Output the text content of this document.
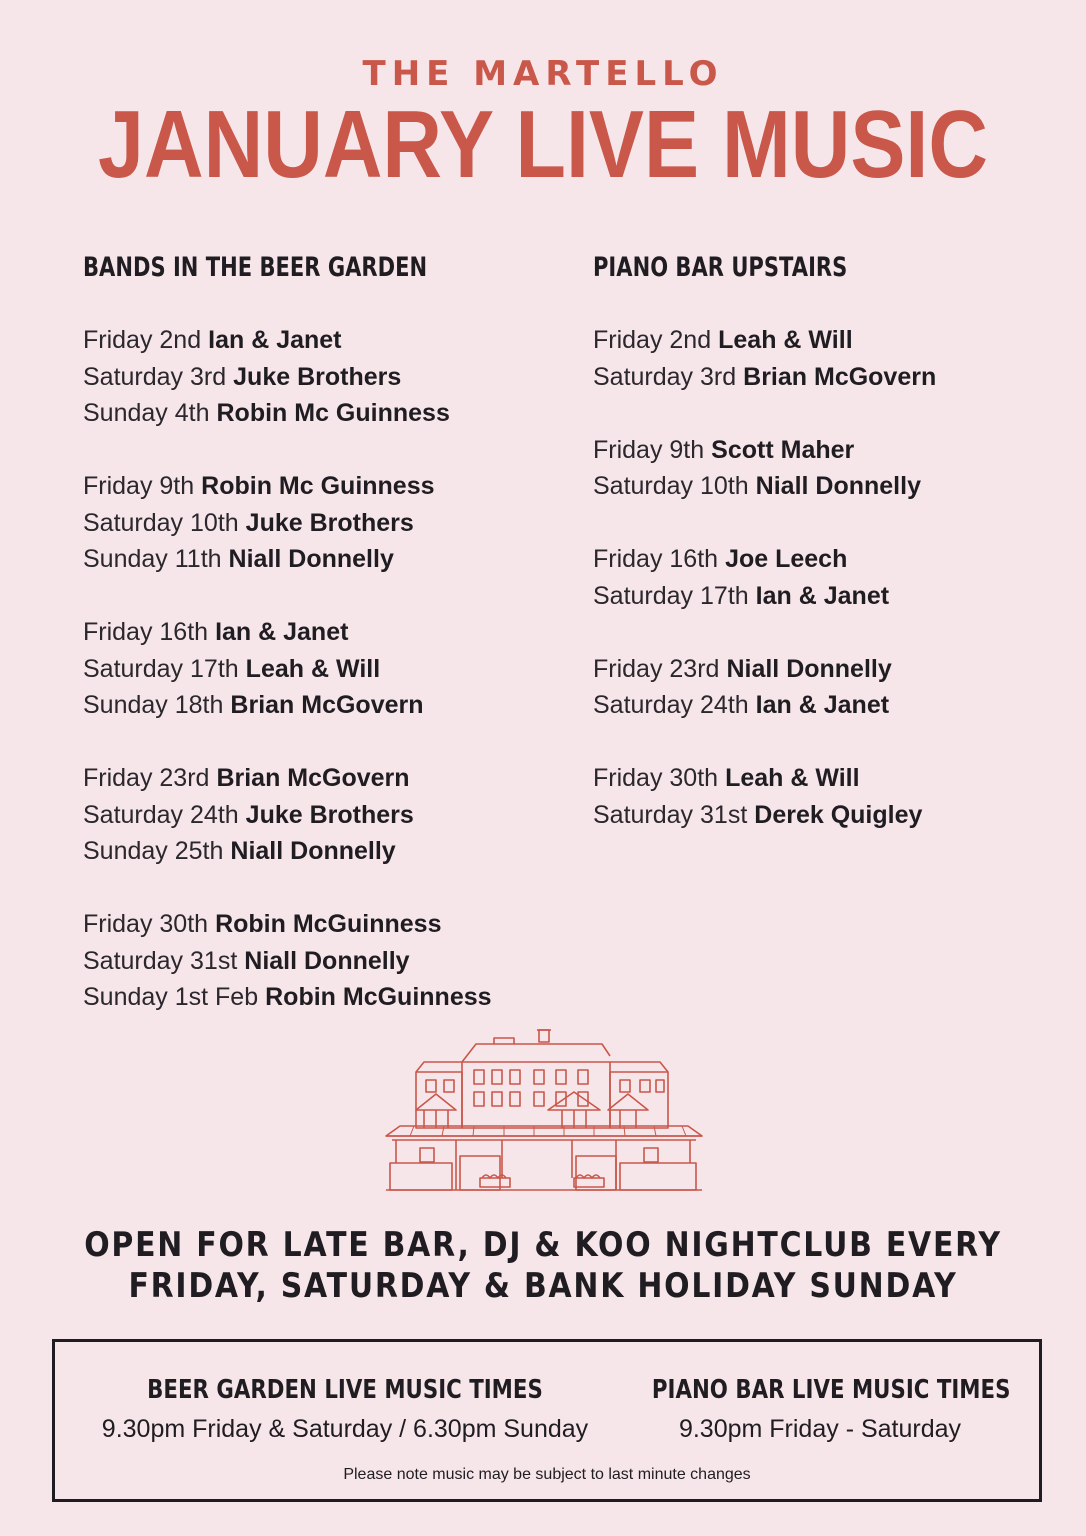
THE MARTELLO
JANUARY LIVE MUSIC
BANDS IN THE BEER GARDEN
Friday 2nd Ian & Janet
Saturday 3rd Juke Brothers
Sunday 4th Robin Mc Guinness
Friday 9th Robin Mc Guinness
Saturday 10th Juke Brothers
Sunday 11th Niall Donnelly
Friday 16th Ian & Janet
Saturday 17th Leah & Will
Sunday 18th Brian McGovern
Friday 23rd Brian McGovern
Saturday 24th Juke Brothers
Sunday 25th Niall Donnelly
Friday 30th Robin McGuinness
Saturday 31st Niall Donnelly
Sunday 1st Feb Robin McGuinness
PIANO BAR UPSTAIRS
Friday 2nd Leah & Will
Saturday 3rd Brian McGovern
Friday 9th Scott Maher
Saturday 10th Niall Donnelly
Friday 16th Joe Leech
Saturday 17th Ian & Janet
Friday 23rd Niall Donnelly
Saturday 24th Ian & Janet
Friday 30th Leah & Will
Saturday 31st Derek Quigley
OPEN FOR LATE BAR, DJ & KOO NIGHTCLUB EVERY
FRIDAY, SATURDAY & BANK HOLIDAY SUNDAY
BEER GARDEN LIVE MUSIC TIMES
9.30pm Friday & Saturday / 6.30pm Sunday
PIANO BAR LIVE MUSIC TIMES
9.30pm Friday - Saturday
Please note music may be subject to last minute changes
